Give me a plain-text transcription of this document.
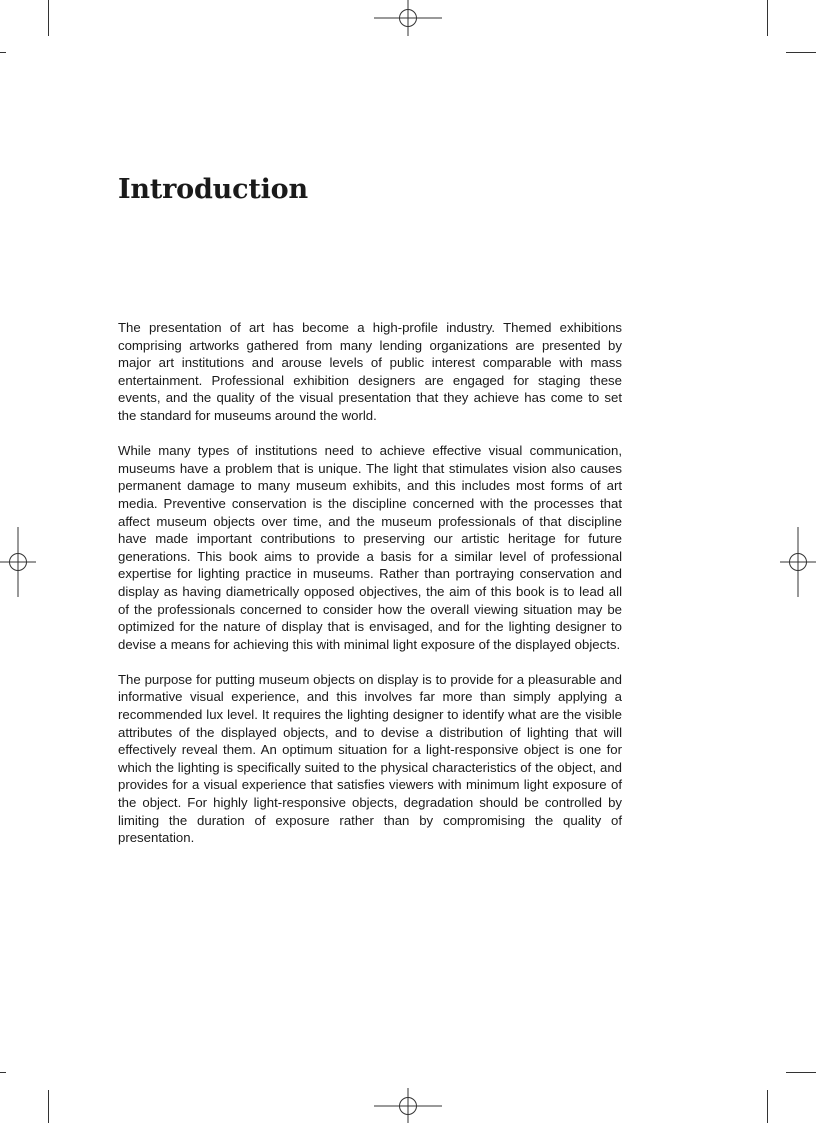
Introduction

The presentation of art has become a high-profile industry. Themed exhibitions comprising artworks gathered from many lending organizations are presented by major art institutions and arouse levels of public interest comparable with mass entertainment. Professional exhibition designers are engaged for staging these events, and the quality of the visual presentation that they achieve has come to set the standard for museums around the world.

While many types of institutions need to achieve effective visual communication, museums have a problem that is unique. The light that stimulates vision also causes permanent damage to many museum exhibits, and this includes most forms of art media. Preventive conservation is the discipline concerned with the processes that affect museum objects over time, and the museum professionals of that discipline have made important contributions to preserving our artistic heritage for future generations. This book aims to provide a basis for a similar level of professional expertise for lighting practice in museums. Rather than portraying conservation and display as having diametrically opposed objectives, the aim of this book is to lead all of the professionals concerned to consider how the overall viewing situation may be optimized for the nature of display that is envisaged, and for the lighting designer to devise a means for achieving this with minimal light exposure of the displayed objects.

The purpose for putting museum objects on display is to provide for a pleasurable and informative visual experience, and this involves far more than simply applying a recommended lux level. It requires the lighting designer to identify what are the visible attributes of the displayed objects, and to devise a distribution of lighting that will effectively reveal them. An optimum situation for a light-responsive object is one for which the lighting is specifically suited to the physical characteristics of the object, and provides for a visual experience that satisfies viewers with minimum light exposure of the object. For highly light-responsive objects, degradation should be controlled by limiting the duration of exposure rather than by compromising the quality of presentation.
